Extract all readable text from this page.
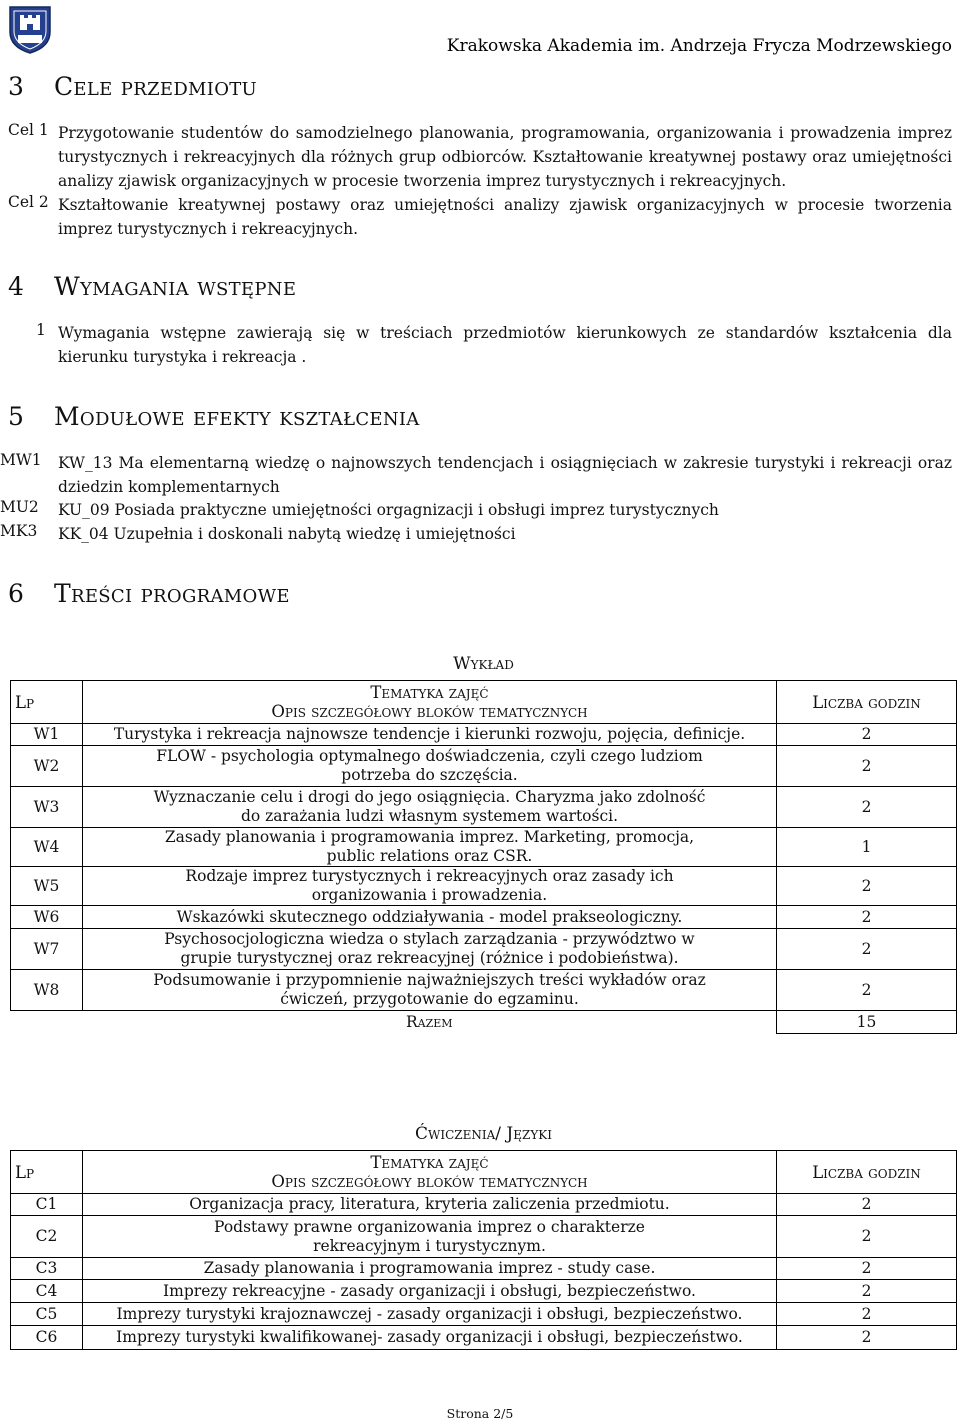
Krakowska Akademia im. Andrzeja Frycza Modrzewskiego
3 Cele przedmiotu
Cel 1 Przygotowanie studentów do samodzielnego planowania, programowania, organizowania i prowadzenia imprez turystycznych i rekreacyjnych dla różnych grup odbiorców. Kształtowanie kreatywnej postawy oraz umiejętności analizy zjawisk organizacyjnych w procesie tworzenia imprez turystycznych i rekreacyjnych.
Cel 2 Kształtowanie kreatywnej postawy oraz umiejętności analizy zjawisk organizacyjnych w procesie tworzenia imprez turystycznych i rekreacyjnych.
4 Wymagania wstępne
1 Wymagania wstępne zawierają się w treściach przedmiotów kierunkowych ze standardów kształcenia dla kierunku turystyka i rekreacja .
5 Modułowe efekty kształcenia
MW1 KW_13 Ma elementarną wiedzę o najnowszych tendencjach i osiągnięciach w zakresie turystyki i rekreacji oraz dziedzin komplementarnych
MU2 KU_09 Posiada praktyczne umiejętności orgagnizacji i obsługi imprez turystycznych
MK3 KK_04 Uzupełnia i doskonali nabytą wiedzę i umiejętności
6 Treści programowe
Wykład
Lp	Tematyka zajęć
Opis szczegółowy bloków tematycznych	Liczba godzin
W1	Turystyka i rekreacja najnowsze tendencje i kierunki rozwoju, pojęcia, definicje.	2
W2	FLOW - psychologia optymalnego doświadczenia, czyli czego ludziom potrzeba do szczęścia.	2
W3	Wyznaczanie celu i drogi do jego osiągnięcia. Charyzma jako zdolność do zarażania ludzi własnym systemem wartości.	2
W4	Zasady planowania i programowania imprez. Marketing, promocja, public relations oraz CSR.	1
W5	Rodzaje imprez turystycznych i rekreacyjnych oraz zasady ich organizowania i prowadzenia.	2
W6	Wskazówki skutecznego oddziaływania - model prakseologiczny.	2
W7	Psychosocjologiczna wiedza o stylach zarządzania - przywództwo w grupie turystycznej oraz rekreacyjnej (różnice i podobieństwa).	2
W8	Podsumowanie i przypomnienie najważniejszych treści wykładów oraz ćwiczeń, przygotowanie do egzaminu.	2
	Razem	15
Ćwiczenia/ Języki
Lp	Tematyka zajęć
Opis szczegółowy bloków tematycznych	Liczba godzin
C1	Organizacja pracy, literatura, kryteria zaliczenia przedmiotu.	2
C2	Podstawy prawne organizowania imprez o charakterze rekreacyjnym i turystycznym.	2
C3	Zasady planowania i programowania imprez - study case.	2
C4	Imprezy rekreacyjne - zasady organizacji i obsługi, bezpieczeństwo.	2
C5	Imprezy turystyki krajoznawczej - zasady organizacji i obsługi, bezpieczeństwo.	2
C6	Imprezy turystyki kwalifikowanej- zasady organizacji i obsługi, bezpieczeństwo.	2
Strona 2/5
